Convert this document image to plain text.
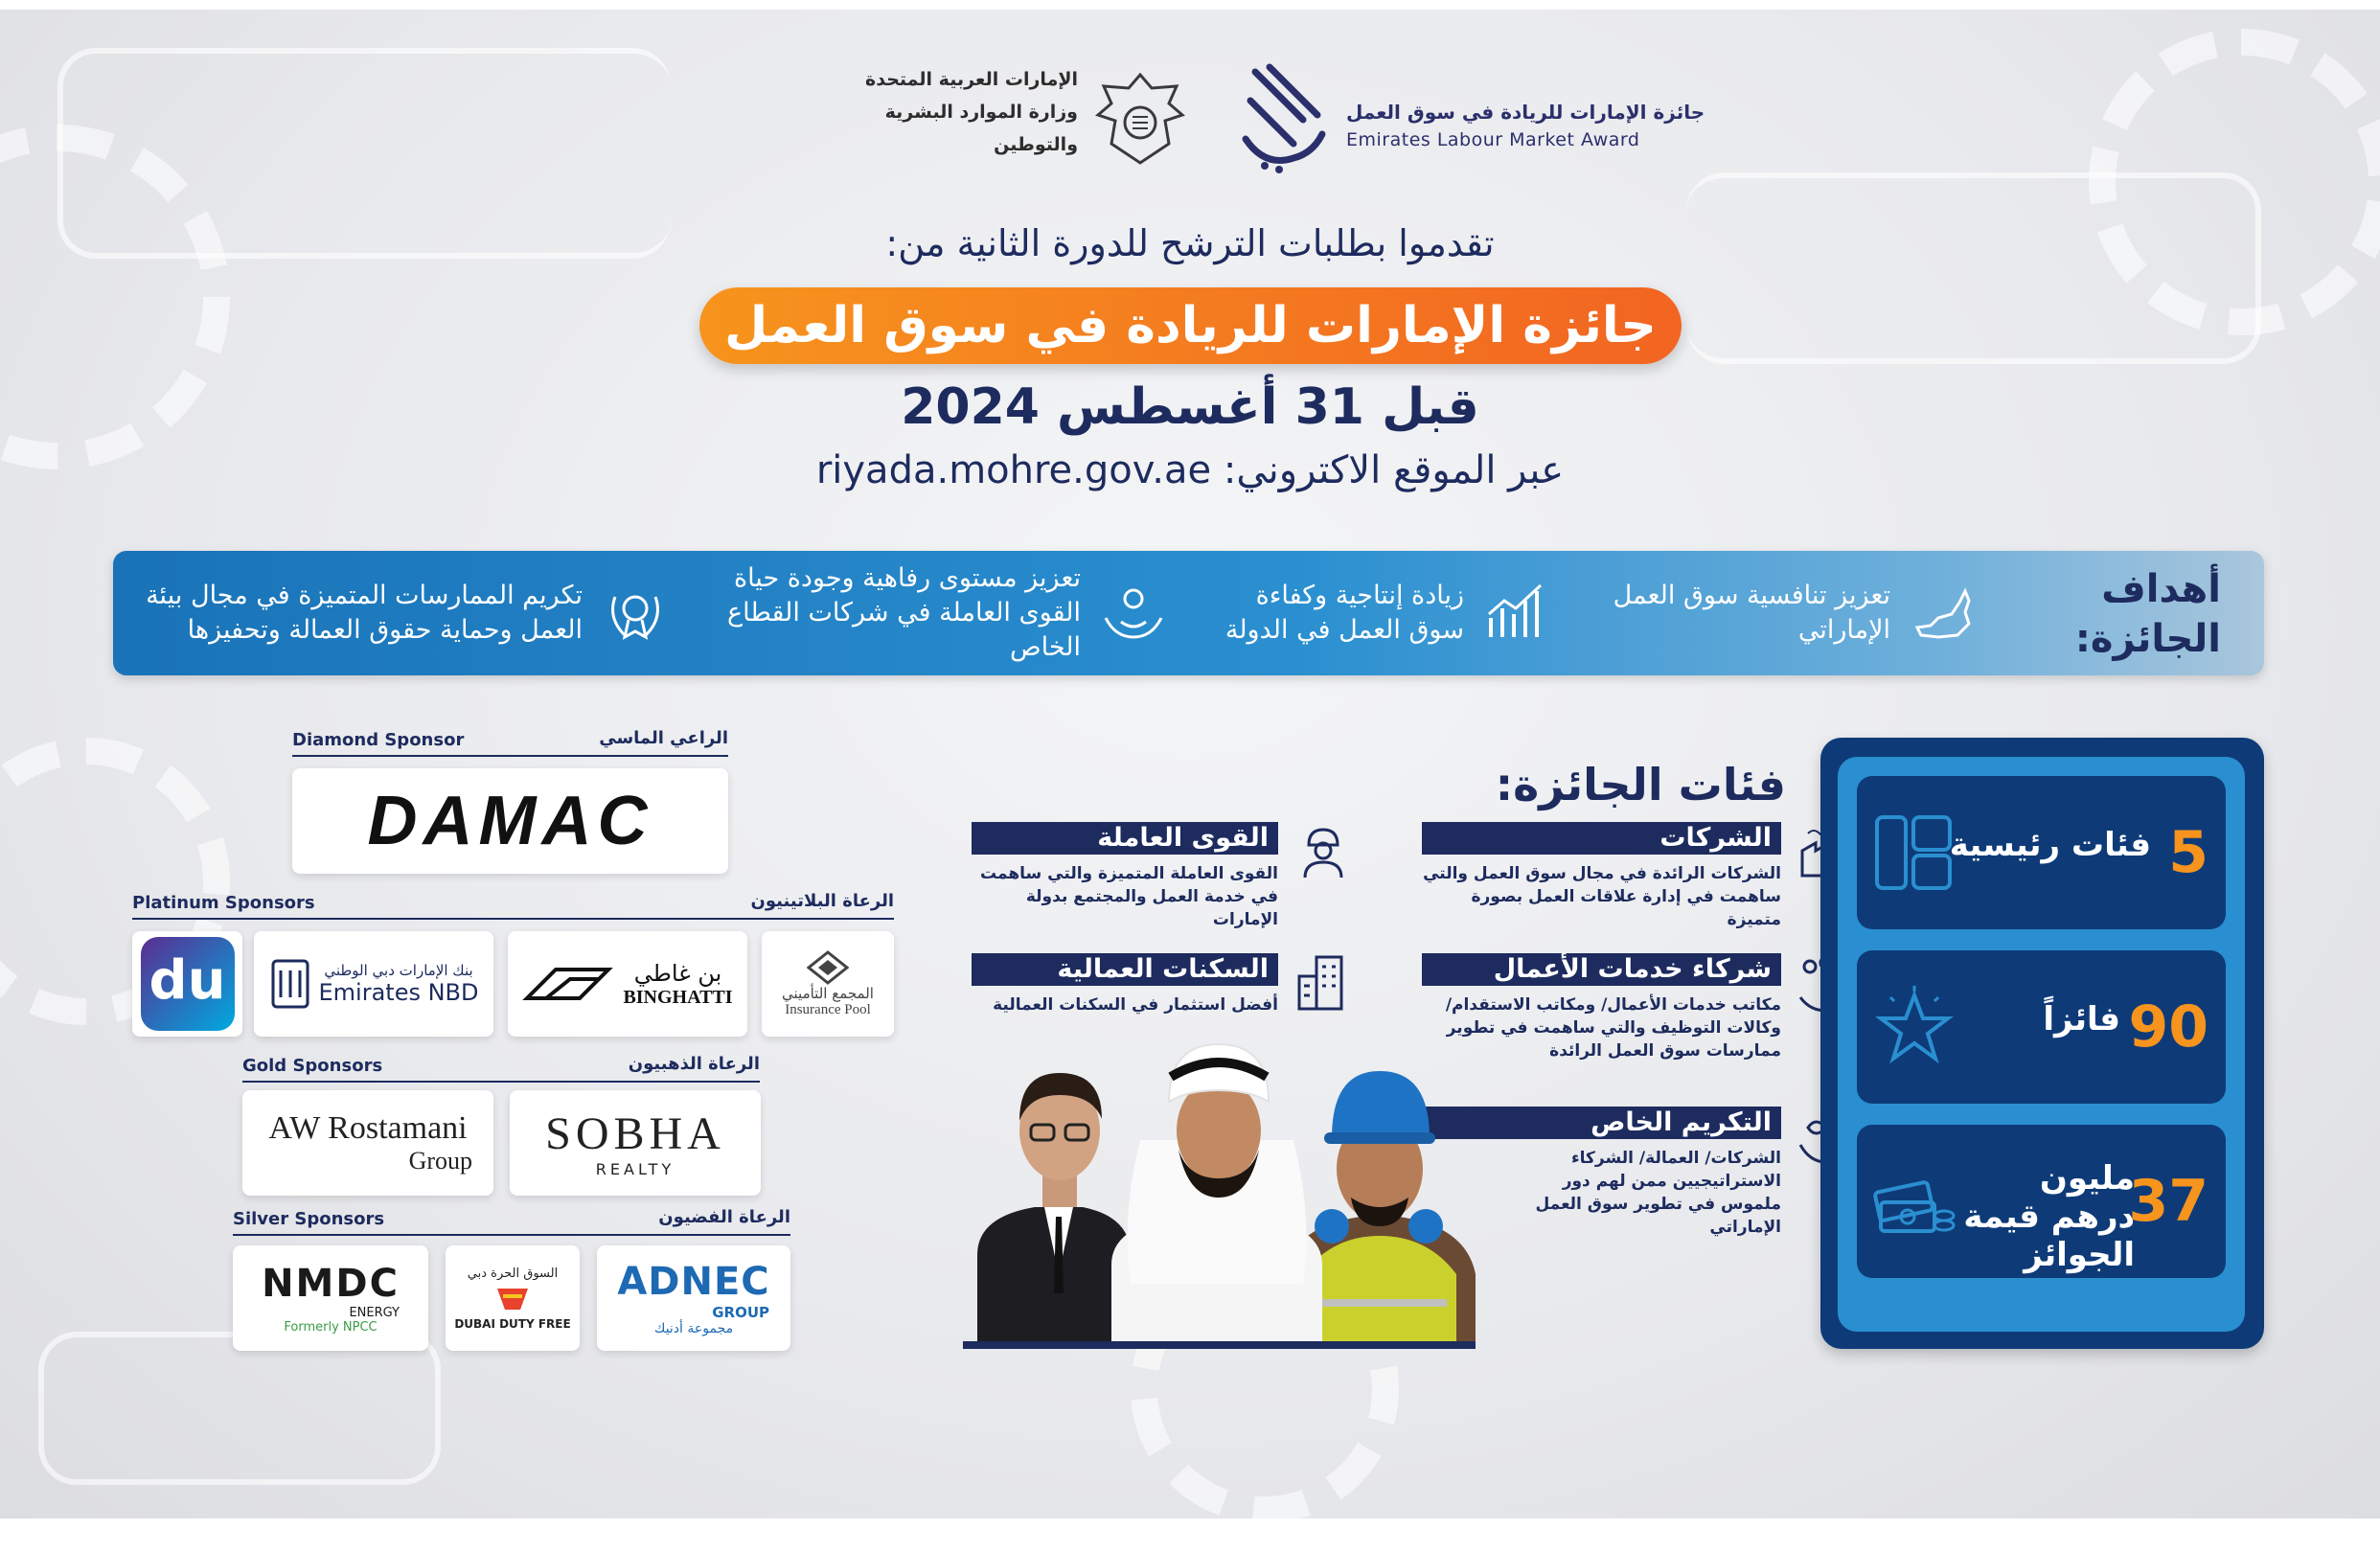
الإمارات العربية المتحدة
وزارة الموارد البشرية
والتوطين
جائزة الإمارات للريادة في سوق العمل
Emirates Labour Market Award
تقدموا بطلبات الترشح للدورة الثانية من:
جائزة الإمارات للريادة في سوق العمل
قبل 31 أغسطس 2024
عبر الموقع الاكتروني: riyada.mohre.gov.ae
أهداف الجائزة:
تعزيز تنافسية سوق العمل الإماراتي
زيادة إنتاجية وكفاءة سوق العمل في الدولة
تعزيز مستوى رفاهية وجودة حياة القوى العاملة في شركات القطاع الخاص
تكريم الممارسات المتميزة في مجال بيئة العمل وحماية حقوق العمالة وتحفيزها
Diamond Sponsor	الراعي الماسي
DAMAC
Platinum Sponsors	الرعاة البلاتينيون
du	بنك الإمارات دبي الوطني
Emirates NBD
بن غاطي
BINGHATTI	المجمع التأميني
Insurance Pool
Gold Sponsors	الرعاة الذهبيون
AW Rostamani
Group
SOBHA
REALTY
Silver Sponsors	الرعاة الفضيون
NMDC
ENERGY
Formerly NPCC
السوق الحرة دبي
DUBAI DUTY FREE
ADNEC
GROUP
مجموعة أدنيك
فئات الجائزة:
الشركات
الشركات الرائدة في مجال سوق العمل والتي ساهمت في إدارة علاقات العمل بصورة متميزة
القوى العاملة
القوى العاملة المتميزة والتي ساهمت في خدمة العمل والمجتمع بدولة الإمارات
شركاء خدمات الأعمال
مكاتب خدمات الأعمال/ ومكاتب الاستقدام/ وكالات التوظيف والتي ساهمت في تطوير ممارسات سوق العمل الرائدة
السكنات العمالية
أفضل استثمار في السكنات العمالية
التكريم الخاص
الشركات/ العمالة/ الشركاء الاستراتيجيين ممن لهم دور ملموس في تطوير سوق العمل الإماراتي
5
فئات رئيسية
90
فائزاً
37
مليون درهم قيمة الجوائز
